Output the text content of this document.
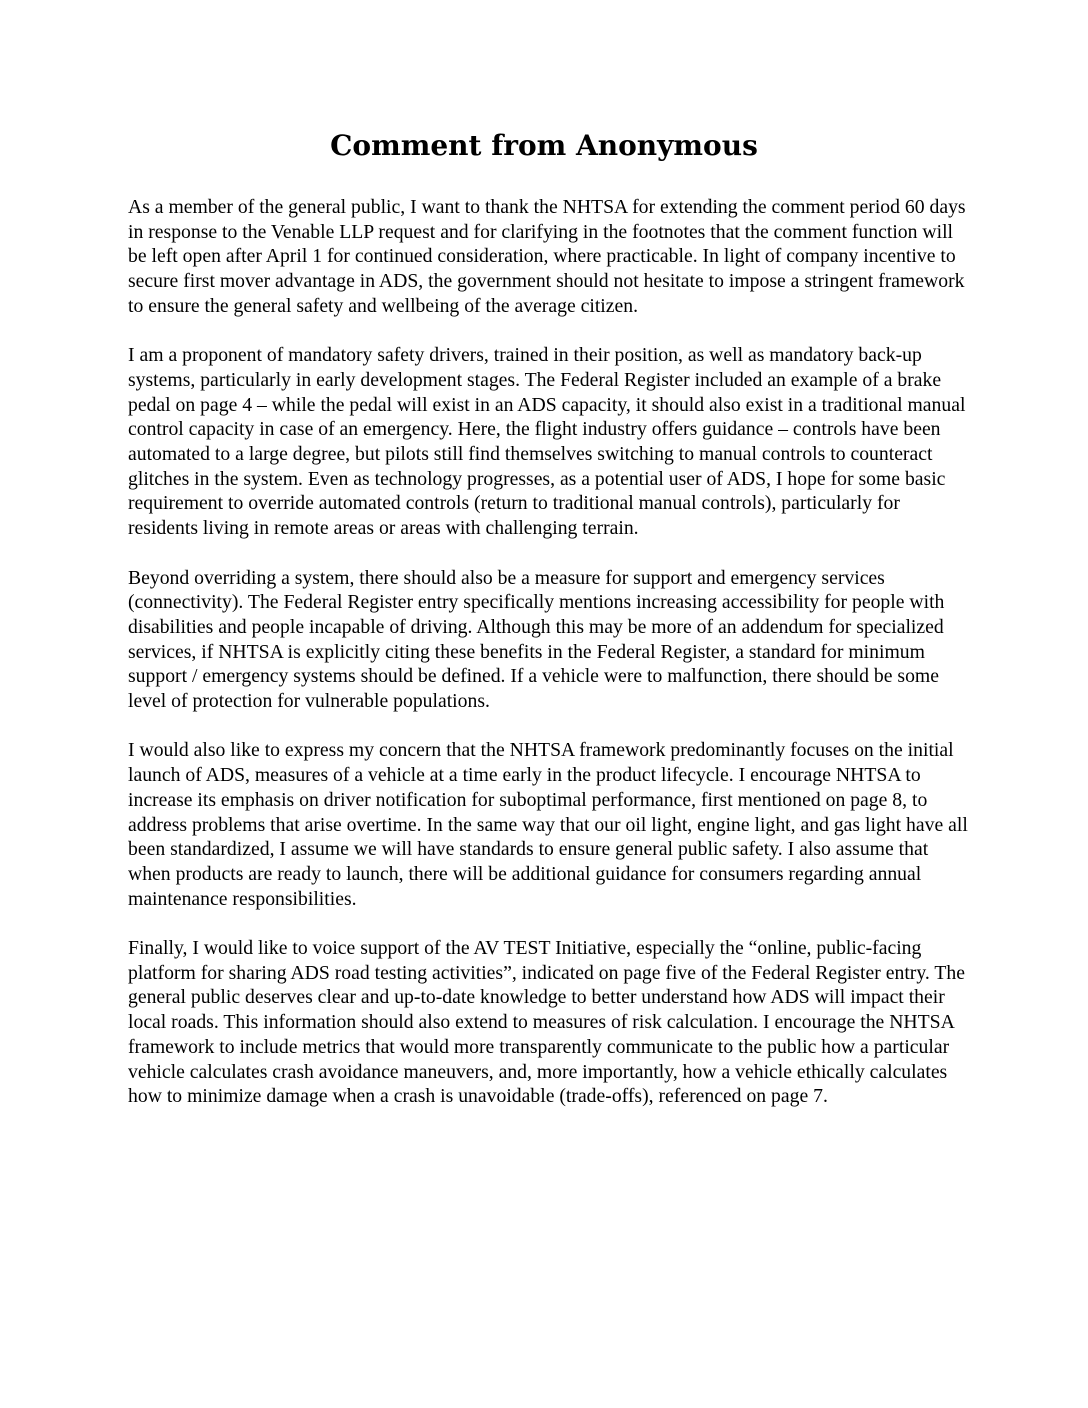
Comment from Anonymous

As a member of the general public, I want to thank the NHTSA for extending the comment period 60 days in response to the Venable LLP request and for clarifying in the footnotes that the comment function will be left open after April 1 for continued consideration, where practicable. In light of company incentive to secure first mover advantage in ADS, the government should not hesitate to impose a stringent framework to ensure the general safety and wellbeing of the average citizen.

I am a proponent of mandatory safety drivers, trained in their position, as well as mandatory back-up systems, particularly in early development stages. The Federal Register included an example of a brake pedal on page 4 – while the pedal will exist in an ADS capacity, it should also exist in a traditional manual control capacity in case of an emergency. Here, the flight industry offers guidance – controls have been automated to a large degree, but pilots still find themselves switching to manual controls to counteract glitches in the system. Even as technology progresses, as a potential user of ADS, I hope for some basic requirement to override automated controls (return to traditional manual controls), particularly for residents living in remote areas or areas with challenging terrain.

Beyond overriding a system, there should also be a measure for support and emergency services (connectivity). The Federal Register entry specifically mentions increasing accessibility for people with disabilities and people incapable of driving. Although this may be more of an addendum for specialized services, if NHTSA is explicitly citing these benefits in the Federal Register, a standard for minimum support / emergency systems should be defined. If a vehicle were to malfunction, there should be some level of protection for vulnerable populations.

I would also like to express my concern that the NHTSA framework predominantly focuses on the initial launch of ADS, measures of a vehicle at a time early in the product lifecycle. I encourage NHTSA to increase its emphasis on driver notification for suboptimal performance, first mentioned on page 8, to address problems that arise overtime. In the same way that our oil light, engine light, and gas light have all been standardized, I assume we will have standards to ensure general public safety. I also assume that when products are ready to launch, there will be additional guidance for consumers regarding annual maintenance responsibilities.

Finally, I would like to voice support of the AV TEST Initiative, especially the “online, public-facing platform for sharing ADS road testing activities”, indicated on page five of the Federal Register entry. The general public deserves clear and up-to-date knowledge to better understand how ADS will impact their local roads. This information should also extend to measures of risk calculation. I encourage the NHTSA framework to include metrics that would more transparently communicate to the public how a particular vehicle calculates crash avoidance maneuvers, and, more importantly, how a vehicle ethically calculates how to minimize damage when a crash is unavoidable (trade-offs), referenced on page 7.
